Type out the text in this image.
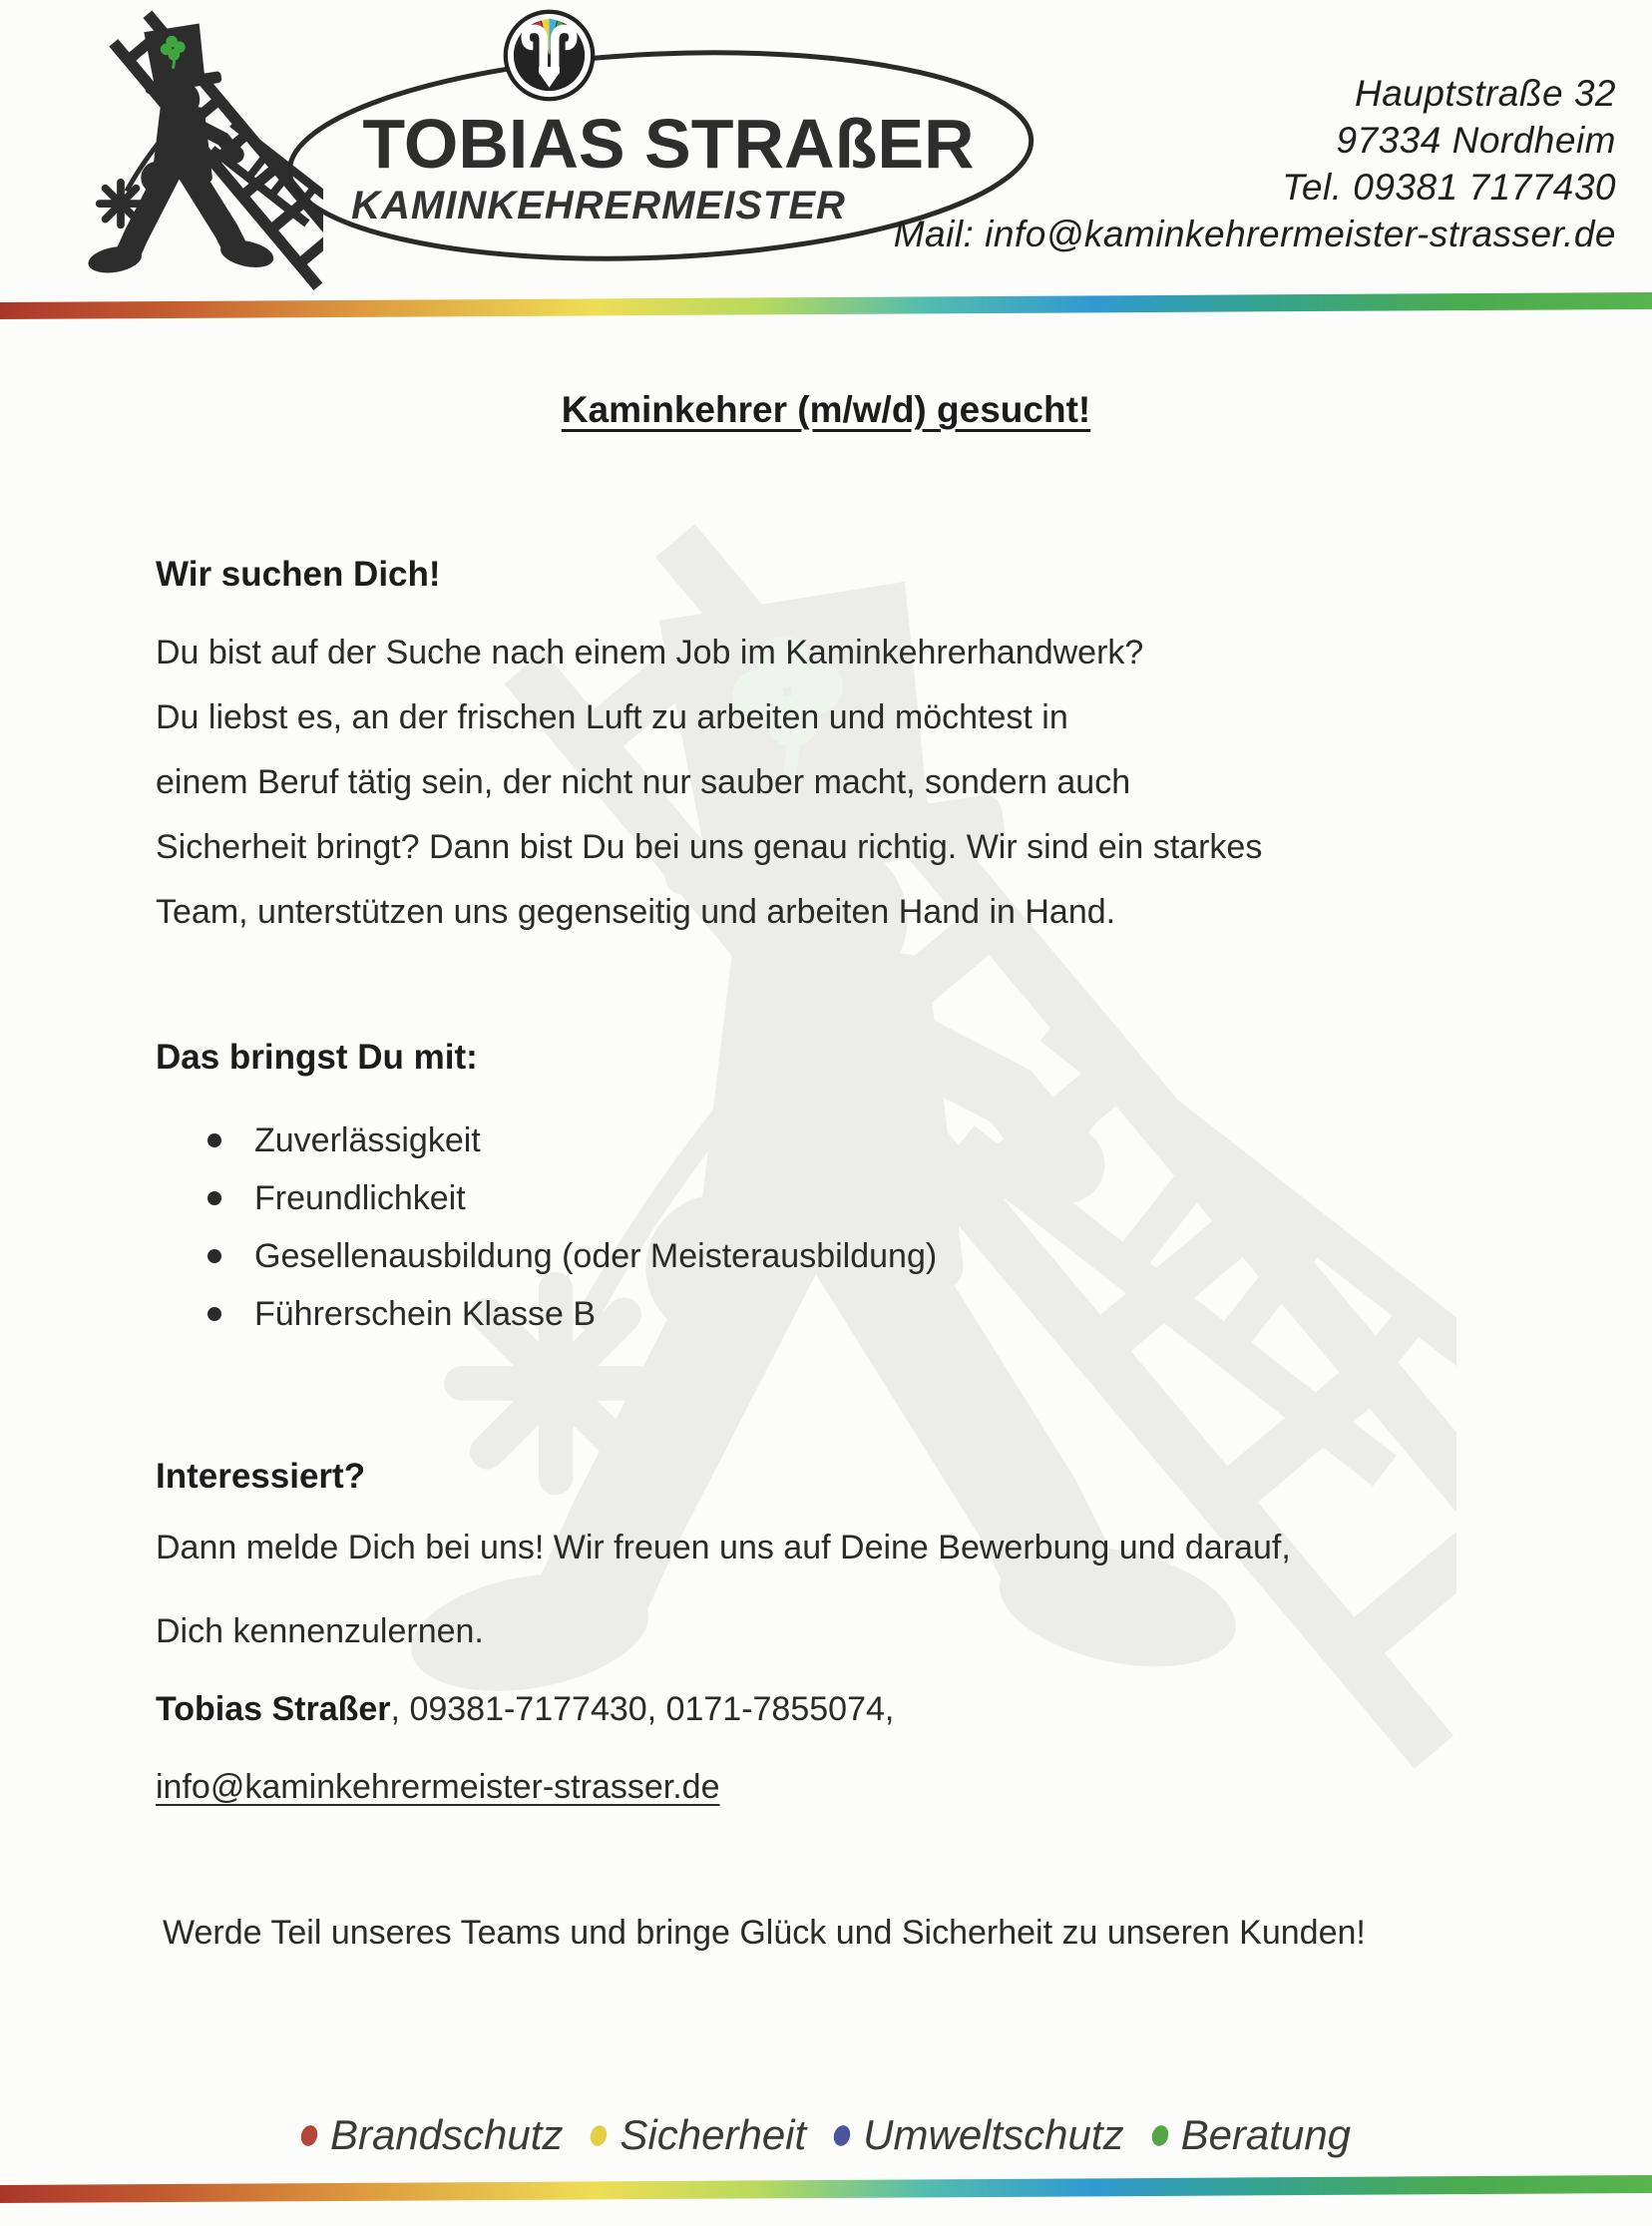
TOBIAS STRAßER
KAMINKEHRERMEISTER
Hauptstraße 32
97334 Nordheim
Tel. 09381 7177430
Mail: info@kaminkehrermeister-strasser.de
Kaminkehrer (m/w/d) gesucht!
Wir suchen Dich!
Du bist auf der Suche nach einem Job im Kaminkehrerhandwerk?
Du liebst es, an der frischen Luft zu arbeiten und möchtest in
einem Beruf tätig sein, der nicht nur sauber macht, sondern auch
Sicherheit bringt? Dann bist Du bei uns genau richtig. Wir sind ein starkes
Team, unterstützen uns gegenseitig und arbeiten Hand in Hand.
Das bringst Du mit:
Zuverlässigkeit
Freundlichkeit
Gesellenausbildung (oder Meisterausbildung)
Führerschein Klasse B
Interessiert?
Dann melde Dich bei uns! Wir freuen uns auf Deine Bewerbung und darauf,
Dich kennenzulernen.
Tobias Straßer, 09381-7177430, 0171-7855074,
info@kaminkehrermeister-strasser.de
Werde Teil unseres Teams und bringe Glück und Sicherheit zu unseren Kunden!
Brandschutz Sicherheit Umweltschutz Beratung
